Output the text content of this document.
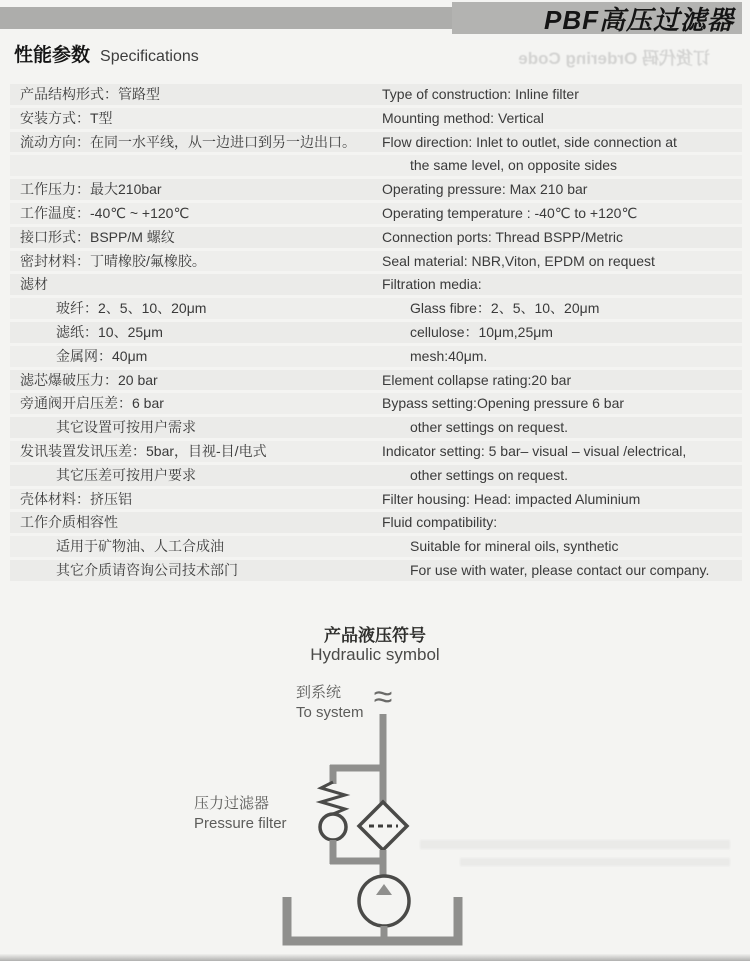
PBF高压过滤器
订货代码 Ordering Code
性能参数 Specifications
产品结构形式：管路型	Type of construction: Inline filter
安装方式：T型	Mounting method: Vertical
流动方向：在同一水平线，从一边进口到另一边出口。	Flow direction: Inlet to outlet, side connection at
the same level, on opposite sides
工作压力：最大210bar	Operating pressure: Max 210 bar
工作温度：-40℃ ~ +120℃	Operating temperature : -40℃ to +120℃
接口形式：BSPP/M 螺纹	Connection ports: Thread BSPP/Metric
密封材料：丁晴橡胶/氟橡胶。	Seal material: NBR,Viton, EPDM on request
滤材	Filtration media:
玻纤：2、5、10、20μm	Glass fibre：2、5、10、20μm
滤纸：10、25μm	cellulose：10μm,25μm
金属网：40μm	mesh:40μm.
滤芯爆破压力：20 bar	Element collapse rating:20 bar
旁通阀开启压差：6 bar	Bypass setting:Opening pressure 6 bar
其它设置可按用户需求	other settings on request.
发讯装置发讯压差：5bar，目视-目/电式	Indicator setting: 5 bar– visual – visual /electrical,
其它压差可按用户要求	other settings on request.
壳体材料：挤压铝	Filter housing: Head: impacted Aluminium
工作介质相容性	Fluid compatibility:
适用于矿物油、人工合成油	Suitable for mineral oils, synthetic
其它介质请咨询公司技术部门	For use with water, please contact our company.
产品液压符号
Hydraulic symbol
到系统
To system
压力过滤器
Pressure filter
≈
